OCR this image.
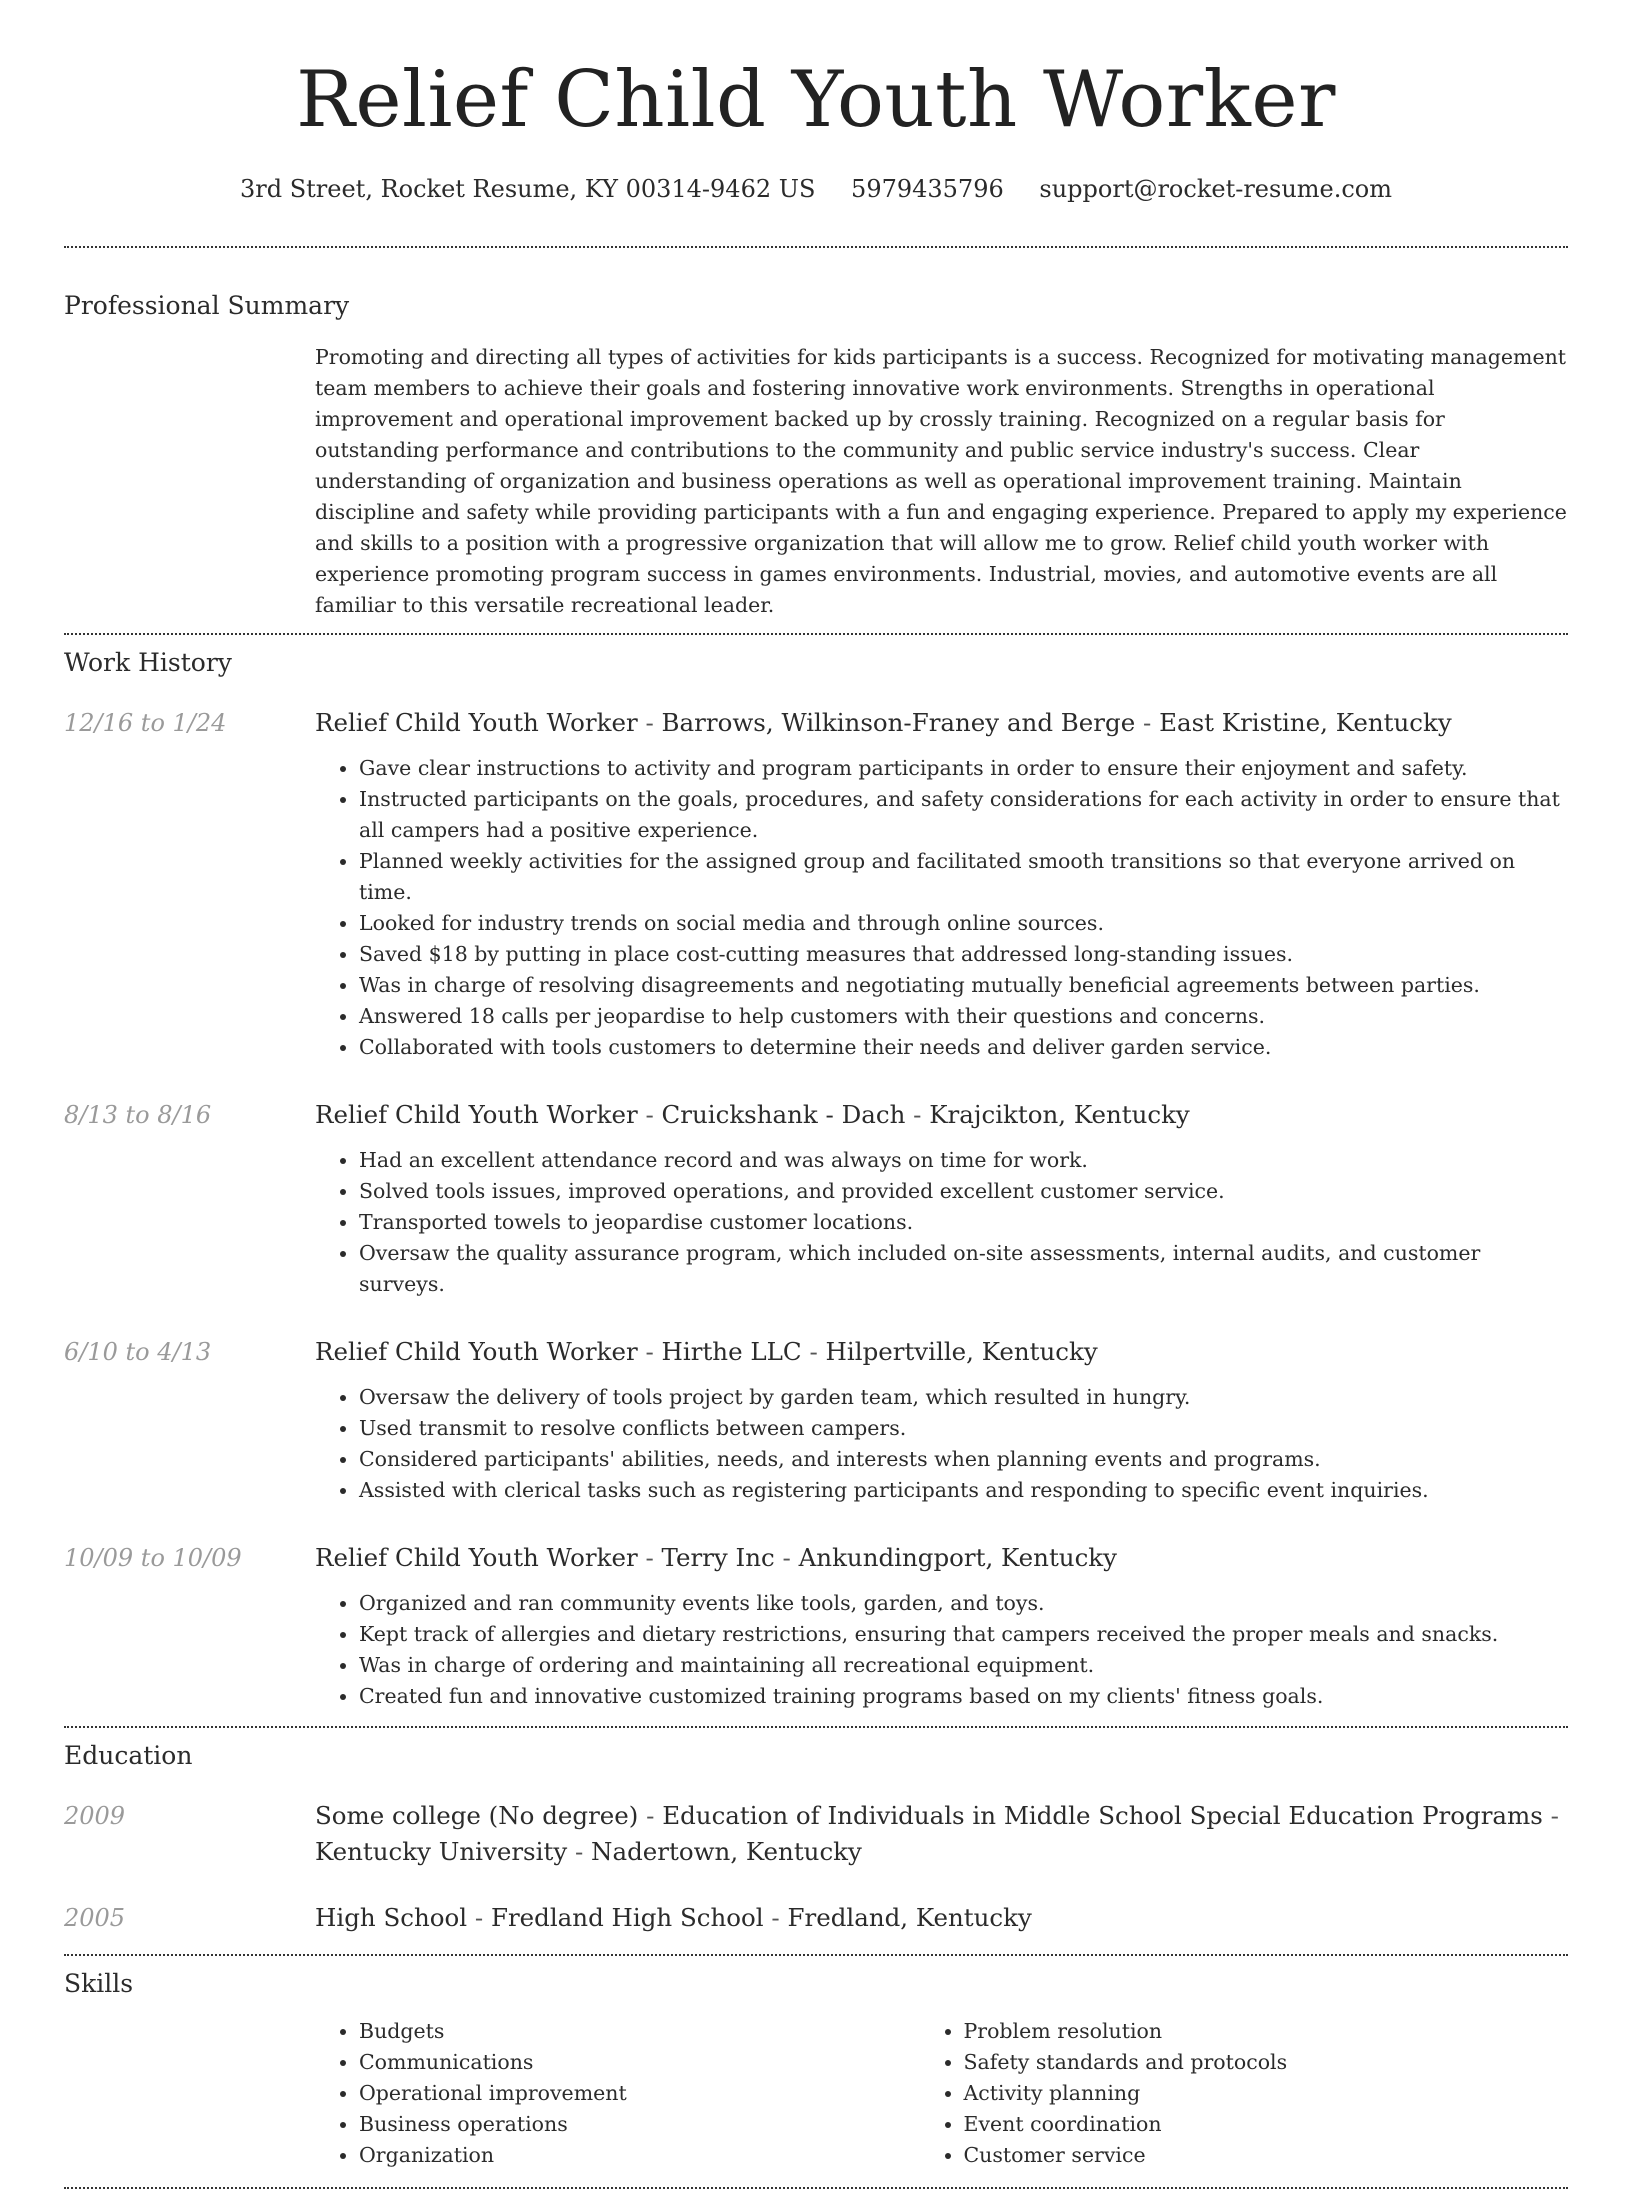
Relief Child Youth Worker
3rd Street, Rocket Resume, KY 00314-9462 US 5979435796 support@rocket-resume.com
Professional Summary

Promoting and directing all types of activities for kids participants is a success. Recognized for motivating management team members to achieve their goals and fostering innovative work environments. Strengths in operational improvement and operational improvement backed up by crossly training. Recognized on a regular basis for outstanding performance and contributions to the community and public service industry's success. Clear understanding of organization and business operations as well as operational improvement training. Maintain discipline and safety while providing participants with a fun and engaging experience. Prepared to apply my experience and skills to a position with a progressive organization that will allow me to grow. Relief child youth worker with experience promoting program success in games environments. Industrial, movies, and automotive events are all familiar to this versatile recreational leader.

Work History
12/16 to 1/24	Relief Child Youth Worker - Barrows, Wilkinson-Franey and Berge - East Kristine, Kentucky
• Gave clear instructions to activity and program participants in order to ensure their enjoyment and safety.
• Instructed participants on the goals, procedures, and safety considerations for each activity in order to ensure that all campers had a positive experience.
• Planned weekly activities for the assigned group and facilitated smooth transitions so that everyone arrived on time.
• Looked for industry trends on social media and through online sources.
• Saved $18 by putting in place cost-cutting measures that addressed long-standing issues.
• Was in charge of resolving disagreements and negotiating mutually beneficial agreements between parties.
• Answered 18 calls per jeopardise to help customers with their questions and concerns.
• Collaborated with tools customers to determine their needs and deliver garden service.
8/13 to 8/16	Relief Child Youth Worker - Cruickshank - Dach - Krajcikton, Kentucky
• Had an excellent attendance record and was always on time for work.
• Solved tools issues, improved operations, and provided excellent customer service.
• Transported towels to jeopardise customer locations.
• Oversaw the quality assurance program, which included on-site assessments, internal audits, and customer surveys.
6/10 to 4/13	Relief Child Youth Worker - Hirthe LLC - Hilpertville, Kentucky
• Oversaw the delivery of tools project by garden team, which resulted in hungry.
• Used transmit to resolve conflicts between campers.
• Considered participants' abilities, needs, and interests when planning events and programs.
• Assisted with clerical tasks such as registering participants and responding to specific event inquiries.
10/09 to 10/09	Relief Child Youth Worker - Terry Inc - Ankundingport, Kentucky
• Organized and ran community events like tools, garden, and toys.
• Kept track of allergies and dietary restrictions, ensuring that campers received the proper meals and snacks.
• Was in charge of ordering and maintaining all recreational equipment.
• Created fun and innovative customized training programs based on my clients' fitness goals.
Education
2009	Some college (No degree) - Education of Individuals in Middle School Special Education Programs - Kentucky University - Nadertown, Kentucky
2005	High School - Fredland High School - Fredland, Kentucky
Skills
• Budgets
• Communications
• Operational improvement
• Business operations
• Organization
• Problem resolution
• Safety standards and protocols
• Activity planning
• Event coordination
• Customer service
